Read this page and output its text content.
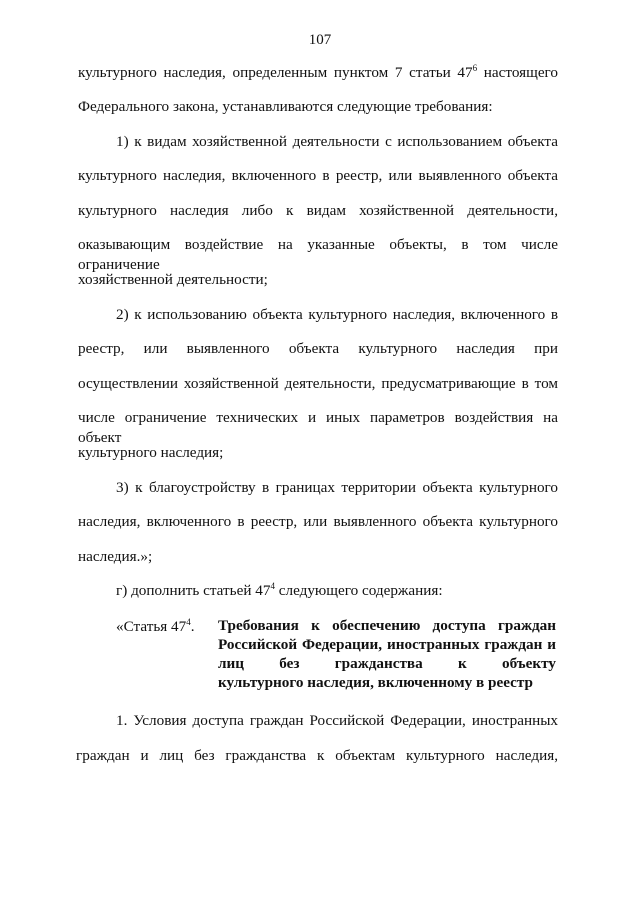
107
культурного наследия, определенным пунктом 7 статьи $47^6$ настоящего
Федерального закона, устанавливаются следующие требования:
1) к видам хозяйственной деятельности с использованием объекта
культурного наследия, включенного в реестр, или выявленного объекта
культурного наследия либо к видам хозяйственной деятельности,
оказывающим воздействие на указанные объекты, в том числе ограничение
хозяйственной деятельности;
2) к использованию объекта культурного наследия, включенного в
реестр, или выявленного объекта культурного наследия при
осуществлении хозяйственной деятельности, предусматривающие в том
числе ограничение технических и иных параметров воздействия на объект
культурного наследия;
3) к благоустройству в границах территории объекта культурного
наследия, включенного в реестр, или выявленного объекта культурного
наследия.»;
г) дополнить статьей $47^4$ следующего содержания:
«Статья $47^4$. Требования к обеспечению доступа граждан
Российской Федерации, иностранных граждан и
лиц без гражданства к объекту
культурного наследия, включенному в реестр
1. Условия доступа граждан Российской Федерации, иностранных
граждан и лиц без гражданства к объектам культурного наследия,
